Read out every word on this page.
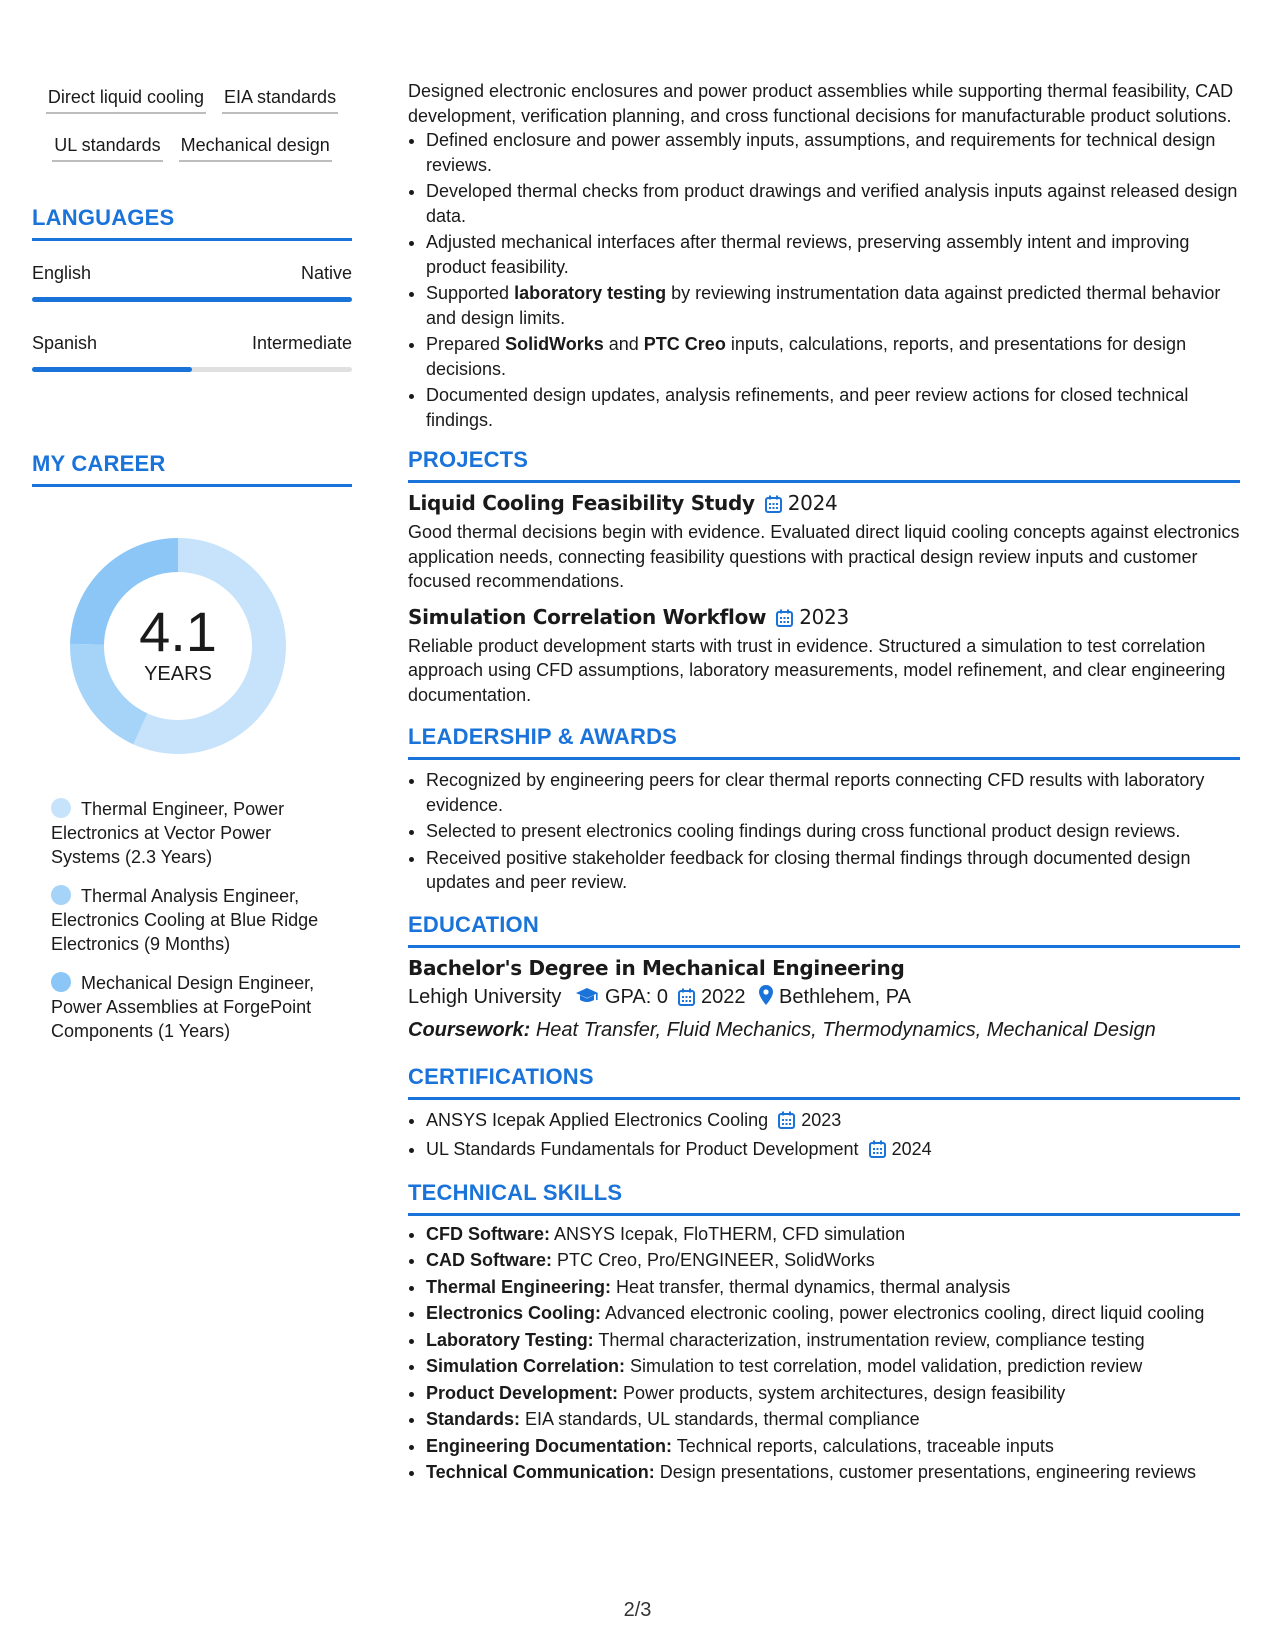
Direct liquid cooling EIA standards
UL standards Mechanical design
LANGUAGES
English	Native
Spanish	Intermediate
MY CAREER
4.1
YEARS
Thermal Engineer, Power Electronics at Vector Power Systems (2.3 Years)
Thermal Analysis Engineer, Electronics Cooling at Blue Ridge Electronics (9 Months)
Mechanical Design Engineer, Power Assemblies at ForgePoint Components (1 Years)
Designed electronic enclosures and power product assemblies while supporting thermal feasibility, CAD development, verification planning, and cross functional decisions for manufacturable product solutions.
• Defined enclosure and power assembly inputs, assumptions, and requirements for technical design reviews.
• Developed thermal checks from product drawings and verified analysis inputs against released design data.
• Adjusted mechanical interfaces after thermal reviews, preserving assembly intent and improving product feasibility.
• Supported laboratory testing by reviewing instrumentation data against predicted thermal behavior and design limits.
• Prepared SolidWorks and PTC Creo inputs, calculations, reports, and presentations for design decisions.
• Documented design updates, analysis refinements, and peer review actions for closed technical findings.
PROJECTS
Liquid Cooling Feasibility Study 2024
Good thermal decisions begin with evidence. Evaluated direct liquid cooling concepts against electronics application needs, connecting feasibility questions with practical design review inputs and customer focused recommendations.
Simulation Correlation Workflow 2023
Reliable product development starts with trust in evidence. Structured a simulation to test correlation approach using CFD assumptions, laboratory measurements, model refinement, and clear engineering documentation.
LEADERSHIP & AWARDS
• Recognized by engineering peers for clear thermal reports connecting CFD results with laboratory evidence.
• Selected to present electronics cooling findings during cross functional product design reviews.
• Received positive stakeholder feedback for closing thermal findings through documented design updates and peer review.
EDUCATION
Bachelor's Degree in Mechanical Engineering
Lehigh University GPA: 0 2022 Bethlehem, PA
Coursework: Heat Transfer, Fluid Mechanics, Thermodynamics, Mechanical Design
CERTIFICATIONS
• ANSYS Icepak Applied Electronics Cooling 2023
• UL Standards Fundamentals for Product Development 2024
TECHNICAL SKILLS
• CFD Software: ANSYS Icepak, FloTHERM, CFD simulation
• CAD Software: PTC Creo, Pro/ENGINEER, SolidWorks
• Thermal Engineering: Heat transfer, thermal dynamics, thermal analysis
• Electronics Cooling: Advanced electronic cooling, power electronics cooling, direct liquid cooling
• Laboratory Testing: Thermal characterization, instrumentation review, compliance testing
• Simulation Correlation: Simulation to test correlation, model validation, prediction review
• Product Development: Power products, system architectures, design feasibility
• Standards: EIA standards, UL standards, thermal compliance
• Engineering Documentation: Technical reports, calculations, traceable inputs
• Technical Communication: Design presentations, customer presentations, engineering reviews
2/3
